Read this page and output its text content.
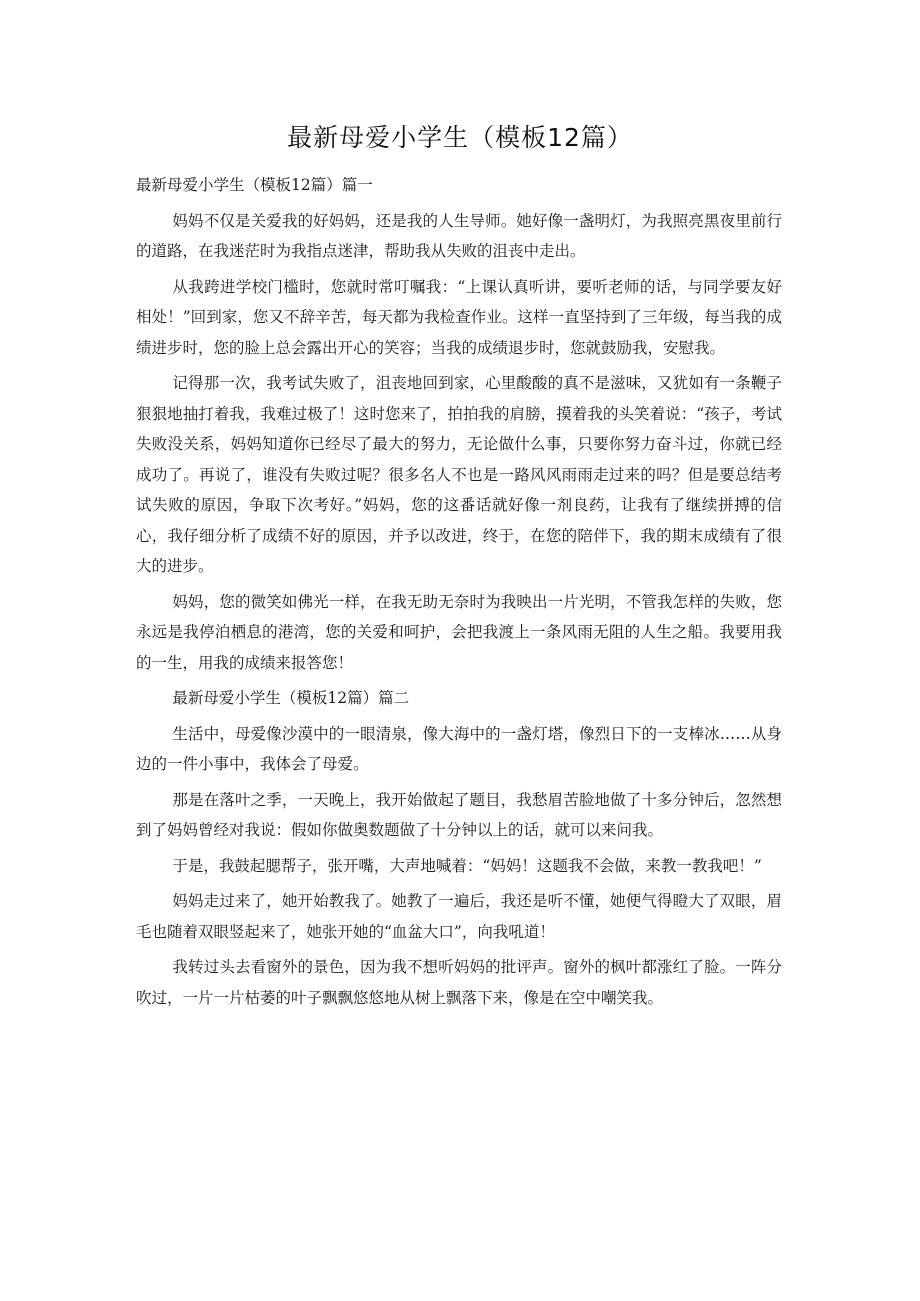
最新母爱小学生（模板12篇）

最新母爱小学生（模板12篇）篇一

妈妈不仅是关爱我的好妈妈，还是我的人生导师。她好像一盏明灯，为我照亮黑夜里前行的道路，在我迷茫时为我指点迷津，帮助我从失败的沮丧中走出。

从我跨进学校门槛时，您就时常叮嘱我：“上课认真听讲，要听老师的话，与同学要友好相处！”回到家，您又不辞辛苦，每天都为我检查作业。这样一直坚持到了三年级，每当我的成绩进步时，您的脸上总会露出开心的笑容；当我的成绩退步时，您就鼓励我，安慰我。

记得那一次，我考试失败了，沮丧地回到家，心里酸酸的真不是滋味，又犹如有一条鞭子狠狠地抽打着我，我难过极了！这时您来了，拍拍我的肩膀，摸着我的头笑着说：“孩子，考试失败没关系，妈妈知道你已经尽了最大的努力，无论做什么事，只要你努力奋斗过，你就已经成功了。再说了，谁没有失败过呢？很多名人不也是一路风风雨雨走过来的吗？但是要总结考试失败的原因，争取下次考好。”妈妈，您的这番话就好像一剂良药，让我有了继续拼搏的信心，我仔细分析了成绩不好的原因，并予以改进，终于，在您的陪伴下，我的期末成绩有了很大的进步。

妈妈，您的微笑如佛光一样，在我无助无奈时为我映出一片光明，不管我怎样的失败，您永远是我停泊栖息的港湾，您的关爱和呵护，会把我渡上一条风雨无阻的人生之船。我要用我的一生，用我的成绩来报答您！

最新母爱小学生（模板12篇）篇二

生活中，母爱像沙漠中的一眼清泉，像大海中的一盏灯塔，像烈日下的一支棒冰……从身边的一件小事中，我体会了母爱。

那是在落叶之季，一天晚上，我开始做起了题目，我愁眉苦脸地做了十多分钟后，忽然想到了妈妈曾经对我说：假如你做奥数题做了十分钟以上的话，就可以来问我。

于是，我鼓起腮帮子，张开嘴，大声地喊着：“妈妈！这题我不会做，来教一教我吧！”

妈妈走过来了，她开始教我了。她教了一遍后，我还是听不懂，她便气得瞪大了双眼，眉毛也随着双眼竖起来了，她张开她的“血盆大口”，向我吼道！

我转过头去看窗外的景色，因为我不想听妈妈的批评声。窗外的枫叶都涨红了脸。一阵分吹过，一片一片枯萎的叶子飘飘悠悠地从树上飘落下来，像是在空中嘲笑我。
